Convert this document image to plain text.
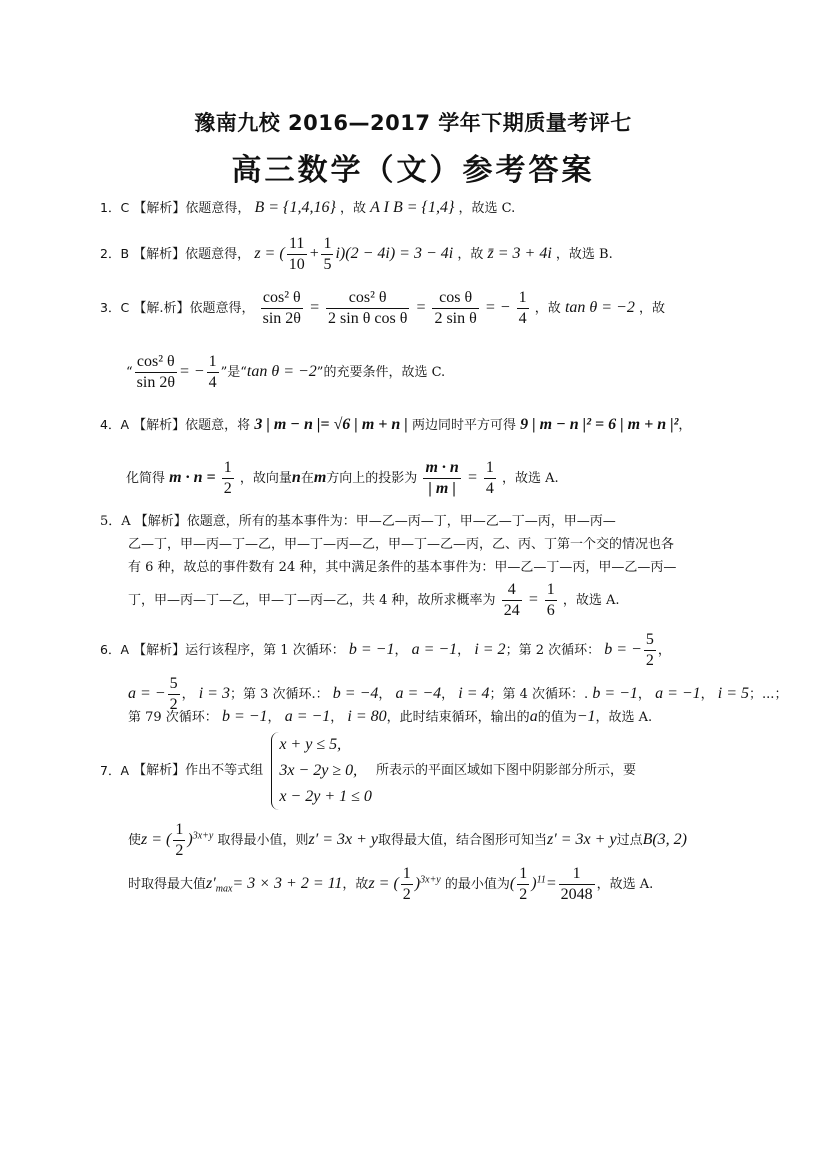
豫南九校 2016—2017 学年下期质量考评七
高三数学（文）参考答案
1．C 【解析】依题意得， B = {1,4,16} ，故 A I B = {1,4} ，故选 C.
2．B 【解析】依题意得， z = ( $\frac{11}{10} + \frac{1}{5} i)(2 - 4i) = 3 - 4i$ ，故 z̄ = 3 + 4i ，故选 B.
3．C 【解.析】依题意得， $\frac{\text{cos² θ}}{\sin 2\theta} = \frac{\text{cos² θ}}{\text{2 sin θ cos θ}} = \frac{\text{cos θ}}{\text{2 sin θ}}$ = − $\frac{1}{4}$ ，故 tan θ = −2 ，故
“ $\frac{\text{cos² θ}}{\sin 2\theta}$ = − $\frac{1}{4}$ ”是“tan θ = −2”的充要条件，故选 C.
4．A 【解析】依题意，将 3 | m − n |= √6 | m + n | 两边同时平方可得 9 | m − n |² = 6 | m + n |²，
化简得 $m \cdot n = \frac{1}{2}$ ，故向量n在m方向上的投影为 $\frac{m \cdot n}{| m |} = \frac{1}{4}$ ，故选 A.
5．A 【解析】依题意，所有的基本事件为：甲—乙—丙—丁，甲—乙—丁—丙，甲—丙—
乙—丁，甲—丙—丁—乙，甲—丁—丙—乙，甲—丁—乙—丙，乙、丙、丁第一个交的情况也各
有 6 种，故总的事件数有 24 种，其中满足条件的基本事件为：甲—乙—丁—丙，甲—乙—丙—
丁，甲—丙—丁—乙，甲—丁—丙—乙，共 4 种，故所求概率为 $\frac{4}{24} = \frac{1}{6}$ ，故选 A.
6．A 【解析】运行该程序，第 1 次循环： b = −1， a = −1， i = 2；第 2 次循环： b = − $\frac{5}{2}$ ，
a = − $\frac{5}{2}$ ， i = 3；第 3 次循环.： b = −4， a = −4， i = 4；第 4 次循环：. b = −1， a = −1， i = 5；...；
第 79 次循环： b = −1， a = −1， i = 80，此时结束循环，输出的a的值为−1，故选 A.
7．A 【解析】作出不等式组
x + y ≤ 5,
3x − 2y ≥ 0,
x − 2y + 1 ≤ 0
所表示的平面区域如下图中阴影部分所示，要
使z = ( $\frac{1}{2} )^{3x+y}$ 取得最小值，则z′ = 3x + y取得最大值，结合图形可知当z′ = 3x + y过点B(3, 2)
时取得最大值$z'_{max}= 3 \times 3 + 2 = 11$，故z = ( $\frac{1}{2} )^{3x+y}$ 的最小值为( $\frac{1}{2} )^{11}= \frac{1}{2048}$ ，故选 A.
